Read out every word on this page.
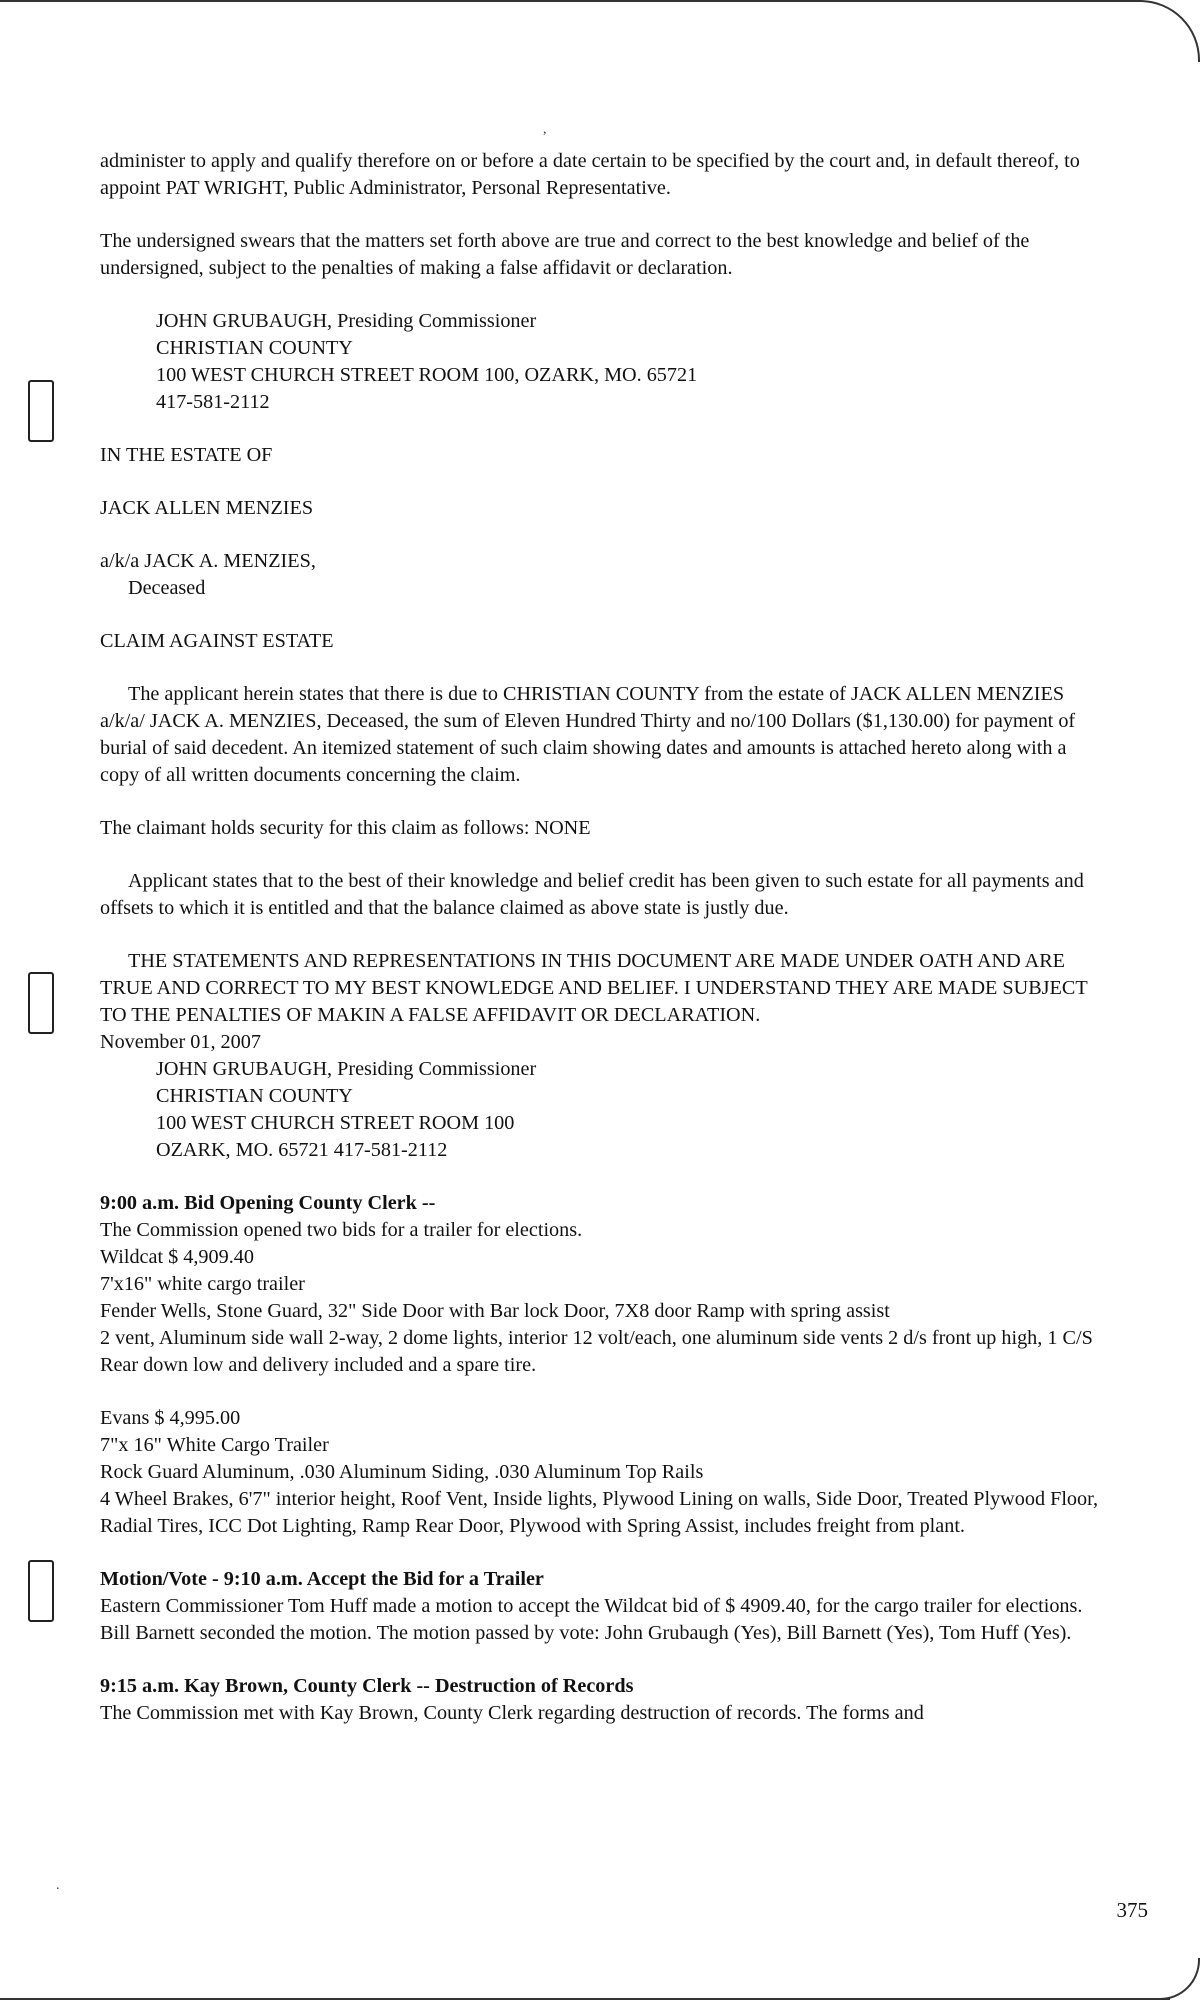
,
.

administer to apply and qualify therefore on or before a date certain to be specified by the court and, in default thereof, to appoint PAT WRIGHT, Public Administrator, Personal Representative.

The undersigned swears that the matters set forth above are true and correct to the best knowledge and belief of the undersigned, subject to the penalties of making a false affidavit or declaration.

JOHN GRUBAUGH, Presiding Commissioner
CHRISTIAN COUNTY
100 WEST CHURCH STREET ROOM 100, OZARK, MO. 65721
417-581-2112

IN THE ESTATE OF

JACK ALLEN MENZIES

a/k/a JACK A. MENZIES,
Deceased

CLAIM AGAINST ESTATE

The applicant herein states that there is due to CHRISTIAN COUNTY from the estate of JACK ALLEN MENZIES a/k/a/ JACK A. MENZIES, Deceased, the sum of Eleven Hundred Thirty and no/100 Dollars ($1,130.00) for payment of burial of said decedent. An itemized statement of such claim showing dates and amounts is attached hereto along with a copy of all written documents concerning the claim.

The claimant holds security for this claim as follows: NONE

Applicant states that to the best of their knowledge and belief credit has been given to such estate for all payments and offsets to which it is entitled and that the balance claimed as above state is justly due.

THE STATEMENTS AND REPRESENTATIONS IN THIS DOCUMENT ARE MADE UNDER OATH AND ARE TRUE AND CORRECT TO MY BEST KNOWLEDGE AND BELIEF. I UNDERSTAND THEY ARE MADE SUBJECT TO THE PENALTIES OF MAKIN A FALSE AFFIDAVIT OR DECLARATION.

November 01, 2007

JOHN GRUBAUGH, Presiding Commissioner
CHRISTIAN COUNTY
100 WEST CHURCH STREET ROOM 100
OZARK, MO. 65721 417-581-2112

9:00 a.m. Bid Opening County Clerk --
The Commission opened two bids for a trailer for elections.
Wildcat $ 4,909.40
7'x16" white cargo trailer
Fender Wells, Stone Guard, 32" Side Door with Bar lock Door, 7X8 door Ramp with spring assist
2 vent, Aluminum side wall 2-way, 2 dome lights, interior 12 volt/each, one aluminum side vents 2 d/s front up high, 1 C/S Rear down low and delivery included and a spare tire.

Evans $ 4,995.00
7"x 16" White Cargo Trailer
Rock Guard Aluminum, .030 Aluminum Siding, .030 Aluminum Top Rails
4 Wheel Brakes, 6'7" interior height, Roof Vent, Inside lights, Plywood Lining on walls, Side Door, Treated Plywood Floor, Radial Tires, ICC Dot Lighting, Ramp Rear Door, Plywood with Spring Assist, includes freight from plant.

Motion/Vote - 9:10 a.m. Accept the Bid for a Trailer
Eastern Commissioner Tom Huff made a motion to accept the Wildcat bid of $ 4909.40, for the cargo trailer for elections. Bill Barnett seconded the motion. The motion passed by vote: John Grubaugh (Yes), Bill Barnett (Yes), Tom Huff (Yes).

9:15 a.m. Kay Brown, County Clerk -- Destruction of Records
The Commission met with Kay Brown, County Clerk regarding destruction of records. The forms and

375
